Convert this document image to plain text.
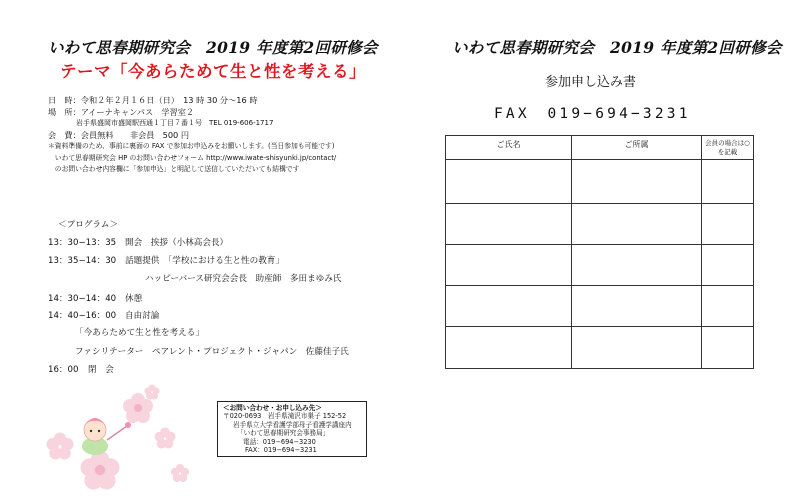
いわて思春期研究会　2019 年度第2回研修会
テーマ「今あらためて生と性を考える」
日　時：令和２年２月１６日（日）　13 時 30 分～16 時
場　所：アイーナキャンパス　学習室２
　　　　岩手県盛岡市盛岡駅西通１丁目７番１号　TEL 019-606-1717
会　費：会員無料　　非会員　500 円
＊資料準備のため、事前に裏面の FAX で参加お申込みをお願いします。(当日参加も可能です)
　いわて思春期研究会 HP のお問い合わせフォーム http://www.iwate-shisyunki.jp/contact/
　のお問い合わせ内容欄に「参加申込」と明記して送信していただいても結構です
＜プログラム＞
13：30−13：35 開会　挨拶（小林高会長）
13：35−14：30 話題提供　「学校における生と性の教育」
ハッピーバース研究会会長　助産師　多田まゆみ氏
14：30−14：40 休憩
14：40−16：00 自由討論
「今あらためて生と性を考える」
ファシリテーター　ペアレント・プロジェクト・ジャパン　佐藤佳子氏
16：00 閉　会
＜お問い合わせ・お申し込み先＞
〒020-0693　岩手県滝沢市巣子 152-52
岩手県立大学看護学部母子看護学講座内
「いわて思春期研究会事務局」
電話：019−694−3230
FAX：019−694−3231
いわて思春期研究会　2019 年度第2回研修会
参加申し込み書
FAX　019−694−3231
ご氏名	ご所属	会員の場合は○を記載
